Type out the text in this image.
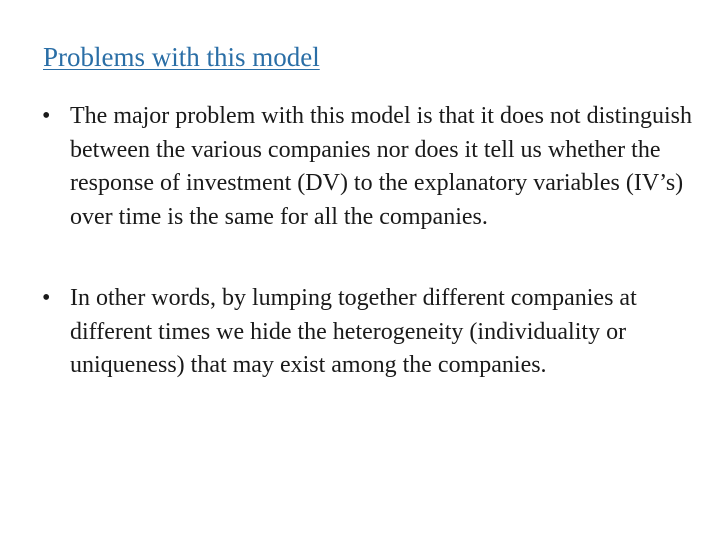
Problems with this model
• The major problem with this model is that it does not distinguish between the various companies nor does it tell us whether the response of investment (DV) to the explanatory variables (IV’s) over time is the same for all the companies.
• In other words, by lumping together different companies at different times we hide the heterogeneity (individuality or uniqueness) that may exist among the companies.
